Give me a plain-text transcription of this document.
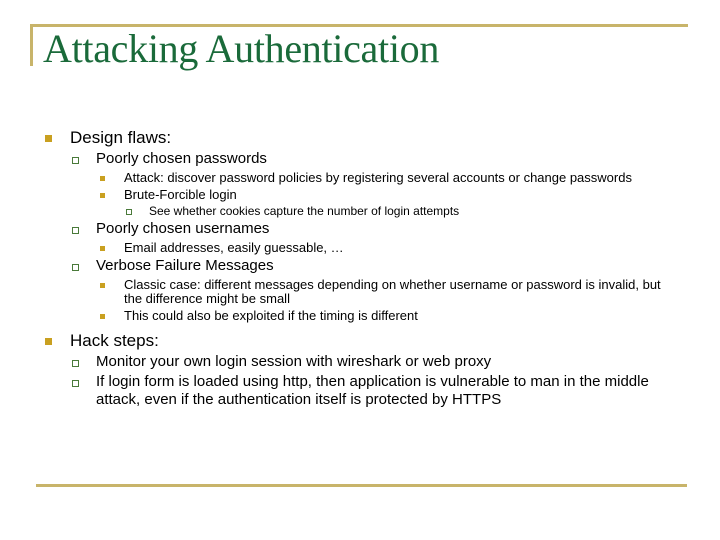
Attacking Authentication
Design flaws:
Poorly chosen passwords
Attack: discover password policies by registering several accounts or change passwords
Brute-Forcible login
See whether cookies capture the number of login attempts
Poorly chosen usernames
Email addresses, easily guessable, …
Verbose Failure Messages
Classic case: different messages depending on whether username or password is invalid, but the difference might be small
This could also be exploited if the timing is different
Hack steps:
Monitor your own login session with wireshark or web proxy
If login form is loaded using http, then application is vulnerable to man in the middle attack, even if the authentication itself is protected by HTTPS
